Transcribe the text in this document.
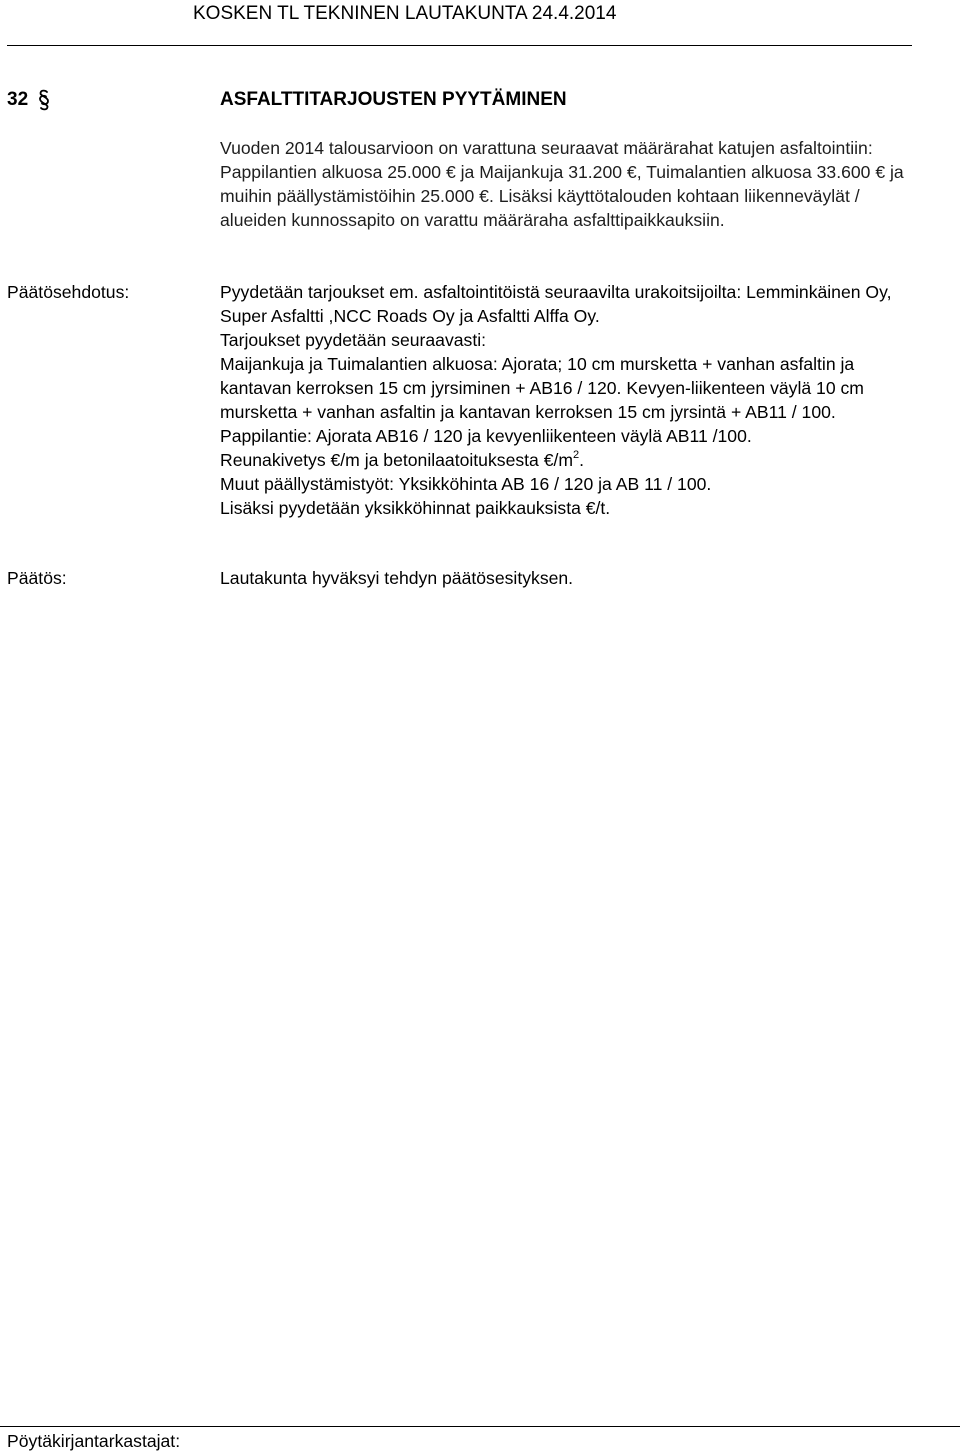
KOSKEN TL TEKNINEN LAUTAKUNTA 24.4.2014
32	ASFALTTITARJOUSTEN PYYTÄMINEN

Vuoden 2014 talousarvioon on varattuna seuraavat määrärahat katujen asfaltointiin: Pappilantien alkuosa 25.000 € ja Maijankuja 31.200 €, Tuimalantien alkuosa 33.600 € ja muihin päällystämistöihin 25.000 €. Lisäksi käyttötalouden kohtaan liikenneväylät / alueiden kunnossapito on varattu määräraha asfalttipaikkauksiin.

Päätösehdotus:	Pyydetään tarjoukset em. asfaltointitöistä seuraavilta urakoitsijoilta: Lemminkäinen Oy, Super Asfaltti ,NCC Roads Oy ja Asfaltti Alffa Oy.

Tarjoukset pyydetään seuraavasti:

Maijankuja ja Tuimalantien alkuosa: Ajorata; 10 cm mursketta + vanhan asfaltin ja kantavan kerroksen 15 cm jyrsiminen + AB16 / 120. Kevyen-liikenteen väylä 10 cm mursketta + vanhan asfaltin ja kantavan kerroksen 15 cm jyrsintä + AB11 / 100.

Pappilantie: Ajorata AB16 / 120 ja kevyenliikenteen väylä AB11 /100.

Reunakivetys €/m ja betonilaatoituksesta $€/m^2$.

Muut päällystämistyöt: Yksikköhinta AB 16 / 120 ja AB 11 / 100.

Lisäksi pyydetään yksikköhinnat paikkauksista €/t.

Päätös:	Lautakunta hyväksyi tehdyn päätösesityksen.
Pöytäkirjantarkastajat:
